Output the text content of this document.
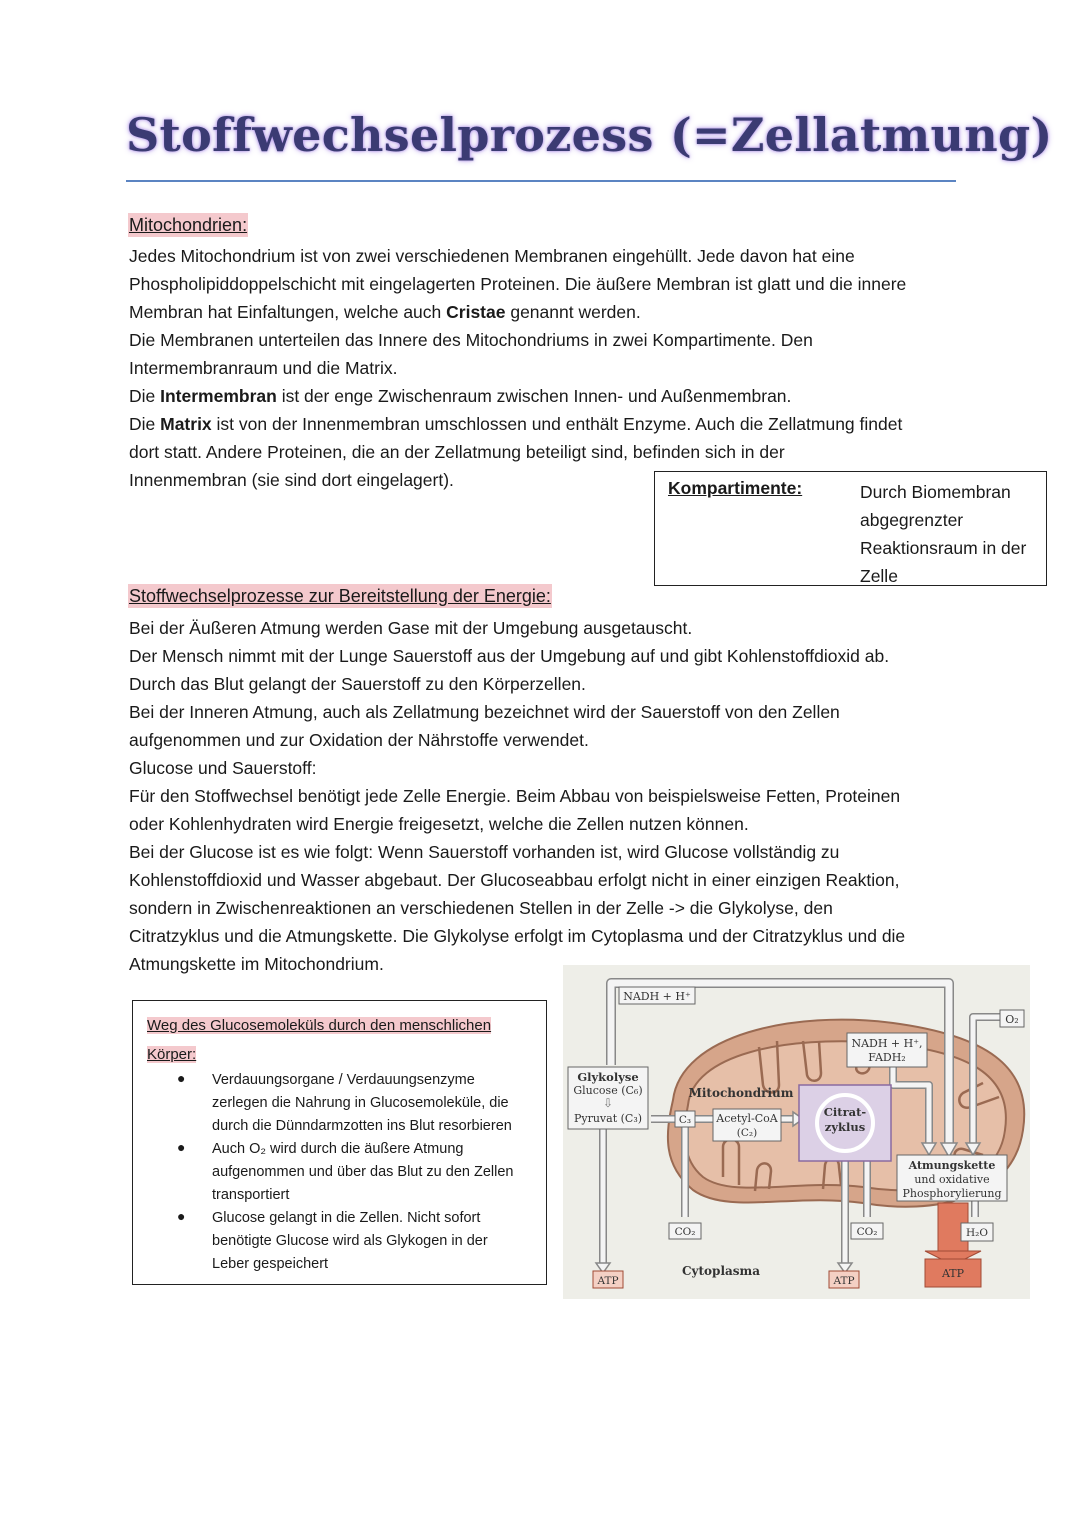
Stoffwechselprozess (=Zellatmung)
Mitochondrien:
Jedes Mitochondrium ist von zwei verschiedenen Membranen eingehüllt. Jede davon hat eine
Phospholipiddoppelschicht mit eingelagerten Proteinen. Die äußere Membran ist glatt und die innere
Membran hat Einfaltungen, welche auch Cristae genannt werden.
Die Membranen unterteilen das Innere des Mitochondriums in zwei Kompartimente. Den
Intermembranraum und die Matrix.
Die Intermembran ist der enge Zwischenraum zwischen Innen- und Außenmembran.
Die Matrix ist von der Innenmembran umschlossen und enthält Enzyme. Auch die Zellatmung findet
dort statt. Andere Proteinen, die an der Zellatmung beteiligt sind, befinden sich in der
Innenmembran (sie sind dort eingelagert).	Kompartimente:	Durch Biomembran abgegrenzter Reaktionsraum in der Zelle
Stoffwechselprozesse zur Bereitstellung der Energie:
Bei der Äußeren Atmung werden Gase mit der Umgebung ausgetauscht.
Der Mensch nimmt mit der Lunge Sauerstoff aus der Umgebung auf und gibt Kohlenstoffdioxid ab.
Durch das Blut gelangt der Sauerstoff zu den Körperzellen.
Bei der Inneren Atmung, auch als Zellatmung bezeichnet wird der Sauerstoff von den Zellen
aufgenommen und zur Oxidation der Nährstoffe verwendet.
Glucose und Sauerstoff:
Für den Stoffwechsel benötigt jede Zelle Energie. Beim Abbau von beispielsweise Fetten, Proteinen
oder Kohlenhydraten wird Energie freigesetzt, welche die Zellen nutzen können.
Bei der Glucose ist es wie folgt: Wenn Sauerstoff vorhanden ist, wird Glucose vollständig zu
Kohlenstoffdioxid und Wasser abgebaut. Der Glucoseabbau erfolgt nicht in einer einzigen Reaktion,
sondern in Zwischenreaktionen an verschiedenen Stellen in der Zelle -> die Glykolyse, den
Citratzyklus und die Atmungskette. Die Glykolyse erfolgt im Cytoplasma und der Citratzyklus und die
Atmungskette im Mitochondrium.
Weg des Glucosemoleküls durch den menschlichen Körper:
● Verdauungsorgane / Verdauungsenzyme
zerlegen die Nahrung in Glucosemoleküle, die
durch die Dünndarmzotten ins Blut resorbieren
● Auch O₂ wird durch die äußere Atmung
aufgenommen und über das Blut zu den Zellen
transportiert
● Glucose gelangt in die Zellen. Nicht sofort
benötigte Glucose wird als Glykogen in der
Leber gespeichert
NADH + H⁺
O₂
NADH + H⁺,
FADH₂
Glykolyse
Glucose (C₆)
⇩
Pyruvat (C₃)
Mitochondrium
C₃ Acetyl-CoA
(C₂)
Citrat-
zyklus
Atmungskette
und oxidative
Phosphorylierung
CO₂	CO₂	H₂O
Cytoplasma
ATP	ATP
ATP
